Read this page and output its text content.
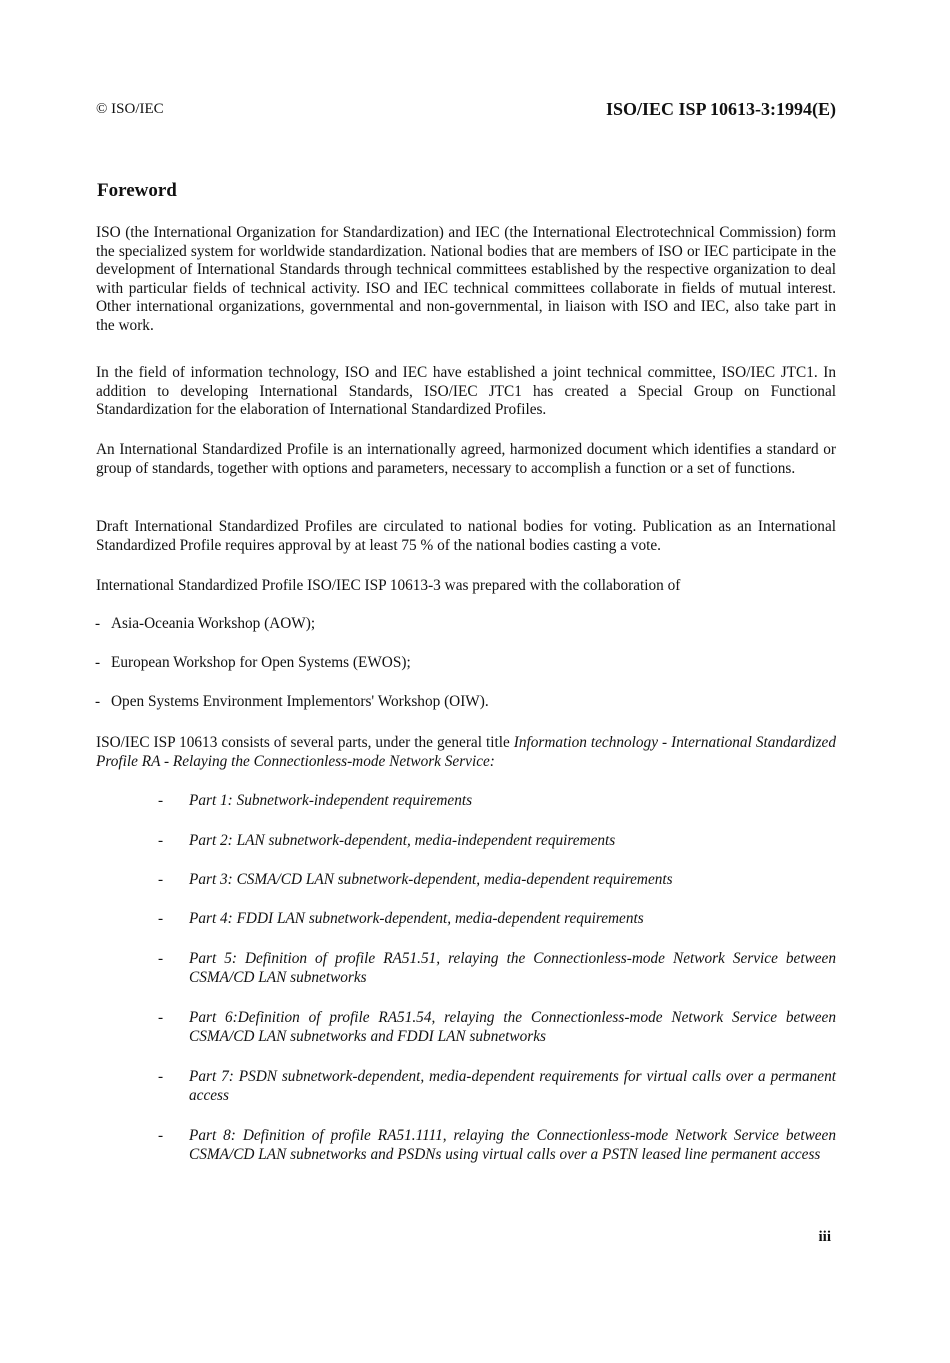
© ISO/IEC	ISO/IEC ISP 10613-3:1994(E)
Foreword

ISO (the International Organization for Standardization) and IEC (the International Electrotechnical Commission) form the specialized system for worldwide standardization. National bodies that are members of ISO or IEC participate in the development of International Standards through technical committees established by the respective organization to deal with particular fields of technical activity. ISO and IEC technical committees collaborate in fields of mutual interest. Other international organizations, governmental and non-governmental, in liaison with ISO and IEC, also take part in the work.

In the field of information technology, ISO and IEC have established a joint technical committee, ISO/IEC JTC1. In addition to developing International Standards, ISO/IEC JTC1 has created a Special Group on Functional Standardization for the elaboration of International Standardized Profiles.

An International Standardized Profile is an internationally agreed, harmonized document which identifies a standard or group of standards, together with options and parameters, necessary to accomplish a function or a set of functions.

Draft International Standardized Profiles are circulated to national bodies for voting. Publication as an International Standardized Profile requires approval by at least 75 % of the national bodies casting a vote.

International Standardized Profile ISO/IEC ISP 10613-3 was prepared with the collaboration of

- Asia-Oceania Workshop (AOW);
- European Workshop for Open Systems (EWOS);
- Open Systems Environment Implementors' Workshop (OIW).

ISO/IEC ISP 10613 consists of several parts, under the general title Information technology - International Standardized Profile RA - Relaying the Connectionless-mode Network Service:

- Part 1: Subnetwork-independent requirements
- Part 2: LAN subnetwork-dependent, media-independent requirements
- Part 3: CSMA/CD LAN subnetwork-dependent, media-dependent requirements
- Part 4: FDDI LAN subnetwork-dependent, media-dependent requirements
- Part 5: Definition of profile RA51.51, relaying the Connectionless-mode Network Service between CSMA/CD LAN subnetworks
- Part 6:Definition of profile RA51.54, relaying the Connectionless-mode Network Service between CSMA/CD LAN subnetworks and FDDI LAN subnetworks
- Part 7: PSDN subnetwork-dependent, media-dependent requirements for virtual calls over a permanent access
- Part 8: Definition of profile RA51.1111, relaying the Connectionless-mode Network Service between CSMA/CD LAN subnetworks and PSDNs using virtual calls over a PSTN leased line permanent access
iii
